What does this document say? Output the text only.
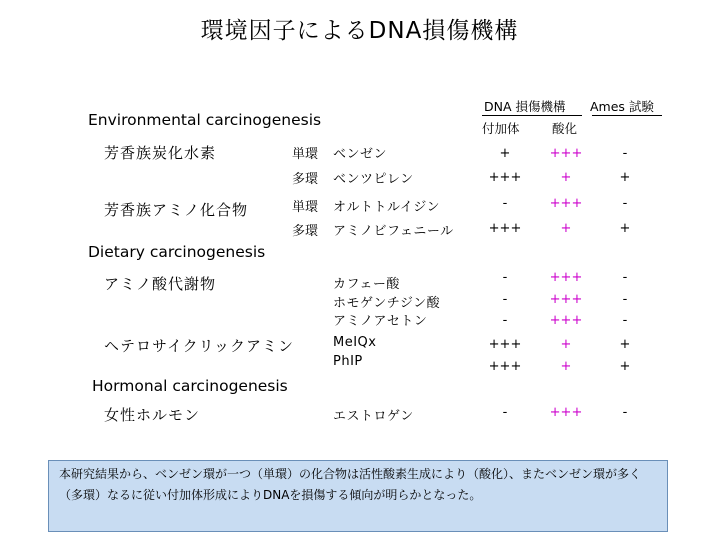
環境因子によるDNA損傷機構
DNA 損傷機構 Ames 試験
付加体	酸化
Environmental carcinogenesis
Dietary carcinogenesis
Hormonal carcinogenesis
芳香族炭化水素
芳香族アミノ化合物
アミノ酸代謝物
ヘテロサイクリックアミン
女性ホルモン
単環 ベンゼン	+	+++	-
多環 ベンツピレン	+++	+	+
単環 オルトトルイジン	-	+++	-
多環 アミノビフェニール	+++	+	+
カフェー酸	-	+++	-
ホモゲンチジン酸	-	+++	-
アミノアセトン	-	+++	-
MeIQx	+++	+	+
PhIP	+++	+	+
エストロゲン	-	+++	-
本研究結果から、ベンゼン環が一つ（単環）の化合物は活性酸素生成により（酸化）、またベンゼン環が多く（多環）なるに従い付加体形成によりDNAを損傷する傾向が明らかとなった。
